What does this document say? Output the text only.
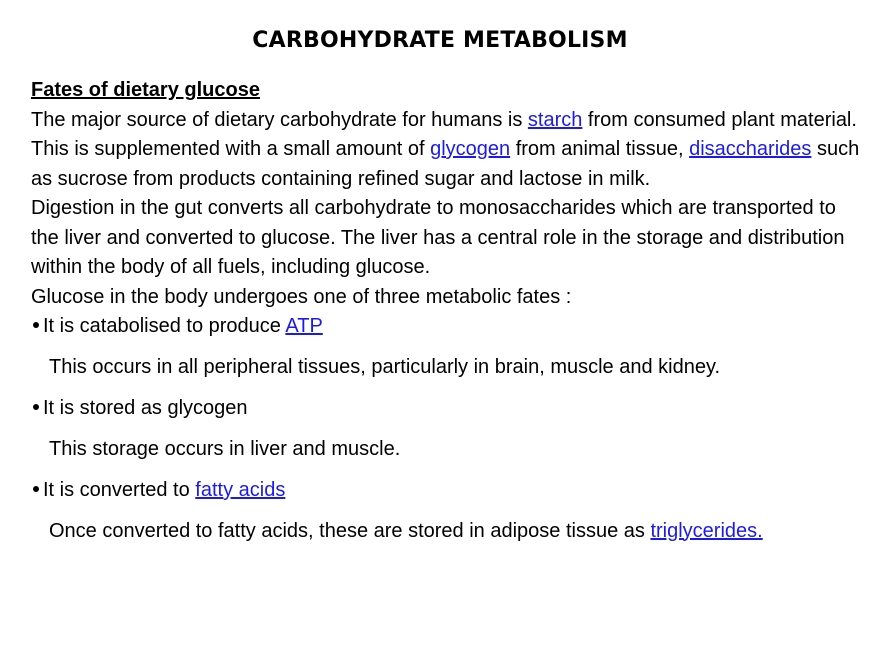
CARBOHYDRATE METABOLISM
Fates of dietary glucose

The major source of dietary carbohydrate for humans is starch from consumed plant material. This is supplemented with a small amount of glycogen from animal tissue, disaccharides such as sucrose from products containing refined sugar and lactose in milk.

Digestion in the gut converts all carbohydrate to monosaccharides which are transported to the liver and converted to glucose. The liver has a central role in the storage and distribution within the body of all fuels, including glucose.

Glucose in the body undergoes one of three metabolic fates :

It is catabolised to produce ATP

This occurs in all peripheral tissues, particularly in brain, muscle and kidney.

It is stored as glycogen

This storage occurs in liver and muscle.

It is converted to fatty acids

Once converted to fatty acids, these are stored in adipose tissue as triglycerides.
